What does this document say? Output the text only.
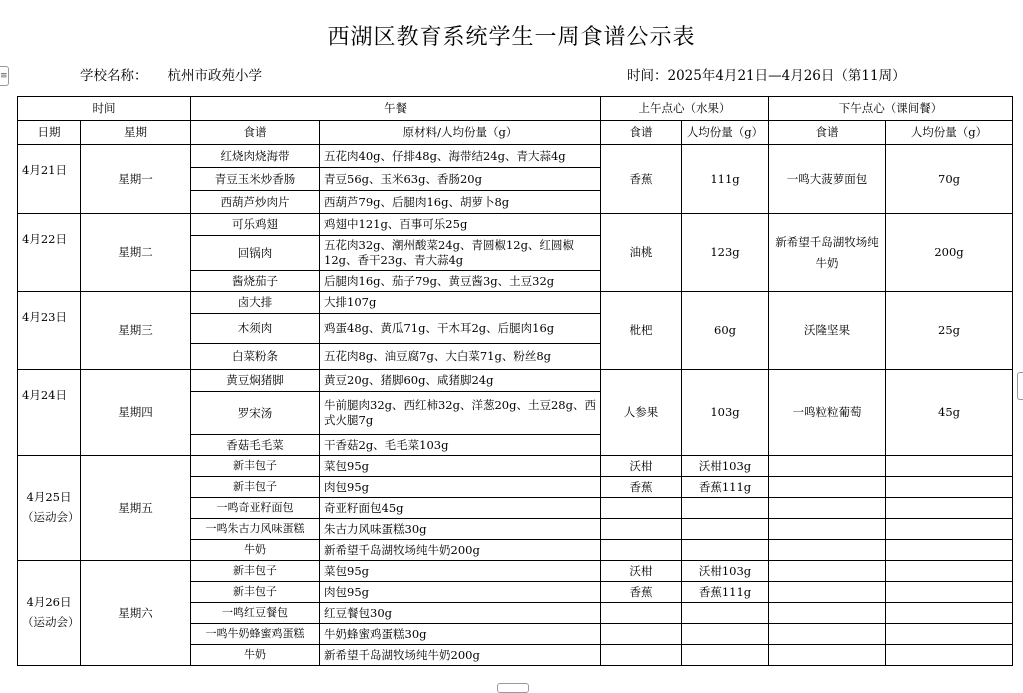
≡
西湖区教育系统学生一周食谱公示表
学校名称： 杭州市政苑小学	时间：2025年4月21日—4月26日（第11周）
时间		午餐		上午点心（水果）		下午点心（课间餐）	
日期	星期	食谱	原材料/人均份量（g）	食谱	人均份量（g）	食谱	人均份量（g）
4月21日	星期一	红烧肉烧海带	五花肉40g、仔排48g、海带结24g、青大蒜4g	香蕉	111g	一鸣大菠萝面包	70g
		青豆玉米炒香肠	青豆56g、玉米63g、香肠20g				
		西葫芦炒肉片	西葫芦79g、后腿肉16g、胡萝卜8g				
4月22日	星期二	可乐鸡翅	鸡翅中121g、百事可乐25g	油桃	123g	新希望千岛湖牧场纯牛奶	200g
		回锅肉	五花肉32g、潮州酸菜24g、青圆椒12g、红圆椒12g、香干23g、青大蒜4g				
		酱烧茄子	后腿肉16g、茄子79g、黄豆酱3g、土豆32g				
4月23日	星期三	卤大排	大排107g	枇杷	60g	沃隆坚果	25g
		木须肉	鸡蛋48g、黄瓜71g、干木耳2g、后腿肉16g				
		白菜粉条	五花肉8g、油豆腐7g、大白菜71g、粉丝8g				
4月24日	星期四	黄豆焖猪脚	黄豆20g、猪脚60g、咸猪脚24g	人参果	103g	一鸣粒粒葡萄	45g
		罗宋汤	牛前腿肉32g、西红柿32g、洋葱20g、土豆28g、西式火腿7g				
		香菇毛毛菜	干香菇2g、毛毛菜103g				

4月25日
（运动会）	星期五	新丰包子	菜包95g	沃柑	沃柑103g		
		新丰包子	肉包95g	香蕉	香蕉111g		
		一鸣奇亚籽面包	奇亚籽面包45g				
		一鸣朱古力风味蛋糕	朱古力风味蛋糕30g				
		牛奶	新希望千岛湖牧场纯牛奶200g				

4月26日
（运动会）	星期六	新丰包子	菜包95g	沃柑	沃柑103g		
		新丰包子	肉包95g	香蕉	香蕉111g		
		一鸣红豆餐包	红豆餐包30g				
		一鸣牛奶蜂蜜鸡蛋糕	牛奶蜂蜜鸡蛋糕30g				
		牛奶	新希望千岛湖牧场纯牛奶200g				
